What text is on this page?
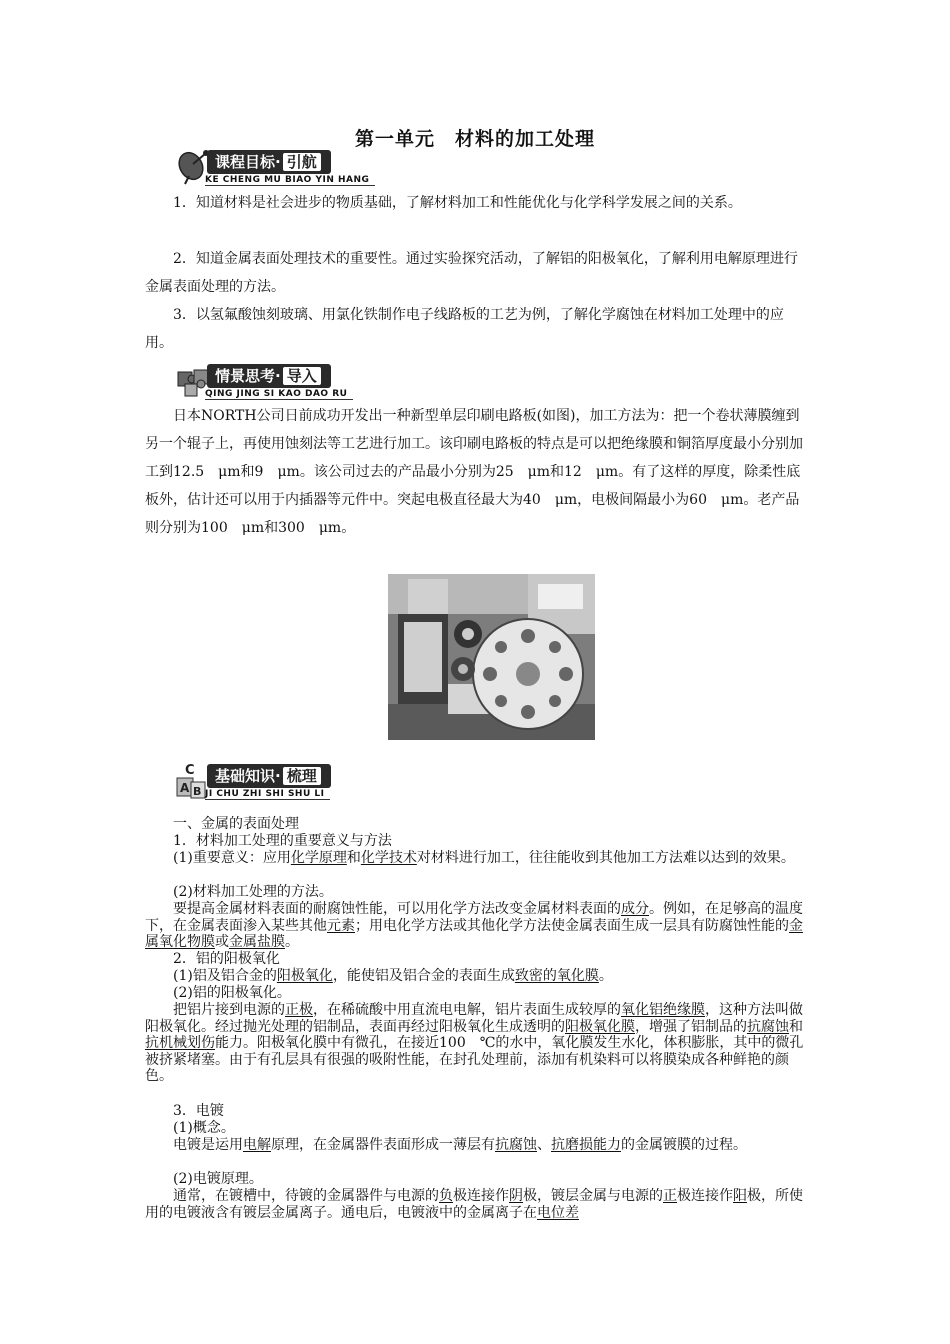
第一单元　材料的加工处理
课程目标· 引航
KE CHENG MU BIAO YIN HANG
1．知道材料是社会进步的物质基础，了解材料加工和性能优化与化学科学发展之间的关系。
2．知道金属表面处理技术的重要性。通过实验探究活动，了解铝的阳极氧化，了解利用电解原理进行金属表面处理的方法。
3．以氢氟酸蚀刻玻璃、用氯化铁制作电子线路板的工艺为例，了解化学腐蚀在材料加工处理中的应用。
情景思考· 导入
QING JING SI KAO DAO RU
日本NORTH公司日前成功开发出一种新型单层印刷电路板(如图)，加工方法为：把一个卷状薄膜缠到另一个辊子上，再使用蚀刻法等工艺进行加工。该印刷电路板的特点是可以把绝缘膜和铜箔厚度最小分别加工到12.5　μm和9　μm。该公司过去的产品最小分别为25　μm和12　μm。有了这样的厚度，除柔性底板外，估计还可以用于内插器等元件中。突起电极直径最大为40　μm，电极间隔最小为60　μm。老产品则分别为100　μm和300　μm。
A B
C	基础知识· 梳理
JI CHU ZHI SHI SHU LI
一、金属的表面处理
1．材料加工处理的重要意义与方法
(1)重要意义：应用化学原理和化学技术对材料进行加工，往往能收到其他加工方法难以达到的效果。
(2)材料加工处理的方法。
要提高金属材料表面的耐腐蚀性能，可以用化学方法改变金属材料表面的成分。例如，在足够高的温度下，在金属表面渗入某些其他元素；用电化学方法或其他化学方法使金属表面生成一层具有防腐蚀性能的金属氧化物膜或金属盐膜。
2．铝的阳极氧化
(1)铝及铝合金的阳极氧化，能使铝及铝合金的表面生成致密的氧化膜。
(2)铝的阳极氧化。
把铝片接到电源的正极，在稀硫酸中用直流电电解，铝片表面生成较厚的氧化铝绝缘膜，这种方法叫做阳极氧化。经过抛光处理的铝制品，表面再经过阳极氧化生成透明的阳极氧化膜，增强了铝制品的抗腐蚀和抗机械划伤能力。阳极氧化膜中有微孔，在接近100　℃的水中，氧化膜发生水化，体积膨胀，其中的微孔被挤紧堵塞。由于有孔层具有很强的吸附性能，在封孔处理前，添加有机染料可以将膜染成各种鲜艳的颜色。
3．电镀
(1)概念。
电镀是运用电解原理，在金属器件表面形成一薄层有抗腐蚀、抗磨损能力的金属镀膜的过程。
(2)电镀原理。
通常，在镀槽中，待镀的金属器件与电源的负极连接作阴极，镀层金属与电源的正极连接作阳极，所使用的电镀液含有镀层金属离子。通电后，电镀液中的金属离子在电位差
